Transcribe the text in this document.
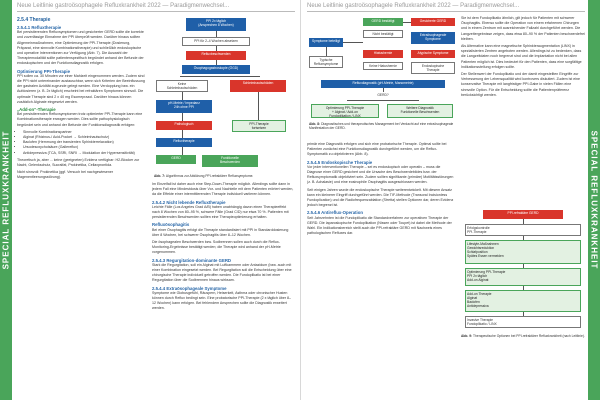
Neue Leitlinie gastroösophagele Refluxkrankheit 2022 — Paradigmenwechsel...
SPECIAL REFLUXKRANKHEIT
2.5.4 Therapie
2.5.4.1 Refluxtherapie

Bei persistierenden Refluxsymptomen und gesicherter GERD sollte die korrekte und zuverlässige Einnahme der PPI überprüft werden. Darüber hinaus sollten Allgemeinmaßnahmen, eine Optimierung der PPI-Therapie (Dosierung, Präparat, eine sinnvolle Kombinationstherapie) und schließlich endoskopische und operative Interventionen zur Verfügung (Abb. 7). Die Auswahl der Therapiemodalität sollte patientenspezifisch begründet anhand der Befunde der endoskopischen und der Funktionsdiagnostik erfolgen.

Optimierung PPI-Therapie

PPI sollen ca. 30 Minuten vor einer Mahlzeit eingenommen werden. Zudem sind die PPI nicht untereinander austauschbar, wenn sich Kriterien der Beeinflussung der gastralen Azidität zugrunde gelegt werden. Eine Verdopplung bzw. ein Aufdosieren (z. B. 2x täglich) erscheint bei refraktären Symptomen sinnvoll. Die optimale Therapie sind 2 x 40 mg Esomeprazol. Darüber hinaus können zusätzlich Alginate eingesetzt werden.

„Add-on“-Therapie

Bei persistierenden Refluxsymptomen trotz optimierter PPI-Therapie kann eine Kombinationstherapie erwogen werden. Dies sollte pathophysiologisch begründet sein und anhand der Befunde der Funktionsdiagnostik erfolgen:

• Sinnvolle Kombinationspartner
• Alginat (Rhizinus-/ Acid-Pocket → Schleimhautschutz)
• Baclofen (Hemmung der transienten Sphinkterrelaxation)
• Ursodesoxycholsäure (Gallereflux)
• Antidepressiva (TCA, SSRI, SNRI → Modulation der Hypersensitivität)

Theoretisch ja, aber ... keine (geeigneten) Evidenz verfügbar: H2-Blocker zur Nacht, Gelenkschutz, Sucralfat, Prokinetika, Cellaxprontida.

Nicht sinnvoll: Prokinetika (ggf. Versuch bei nachgewiesener Magenentleerungsstörung).

PPI 2x täglich
(Ansprechen 8 Wochen)
PPI für 2–4 Wochen absetzen
Refluxbeschwerden
Ösophagogastroskopie (ÖGD)
Keine
Schleimhautschäden
Schleimhautschäden
pH-Metrie / Impedanz
24h ohne PPI
PPI-Therapie
fortsetzen
Pathologisch
Refluxtherapie
GERD	Funktionelle
Beschwerden
Abb. 7: Algorithmus zur Abklärung PPI-refraktärer Refluxsymptome.

Im Einzelfall ist daher auch eine Step-Down-Therapie möglich. Allerdings sollte dann in jedem Fall eine Mindestdosis über Vor- und Nachteile mit dem Patienten erörtert werden, da die Effekte einer intermittierenden Therapie individuell variieren können.

2.5.4.2 Nicht lebende Refluxtherapie

Leichte Fälle (Los Angeles Grad A/B) haben unabhängig davon einen Therapieeffekt nach 8 Wochen von 80–95 %, schwere Fälle (Grad C/D) nur etwa 70 %. Patienten mit persistierenden Beschwerden sollten eine Therapieoptimierung erhalten.

Refluxösophagitis

Bei einer Ösophagitis erfolgt die Therapie standardisiert mit PPI in Standarddosierung über 8 Wochen, bei schwerer Ösophagitis über 8–12 Wochen.

Die ösophagealen Beschwerden bzw. Sodbrennen sollen auch durch die Reflux-Monitoring-Ergebnisse bestätigt werden; die Therapie wird anhand der pH-Metrie vorgenommen.

2.5.4.3 Regurgitation-dominante GERD

Stark die Regurgitation, soll ein Alginat mit Luftkammern oder Antazidum (bzw. auch mit einer Kombination eingesetzt werden. Bei Regurgitation soll die Entscheidung über eine chirurgische Therapie individuell getroffen werden. Die Fundoplikatio ist bei einer Regurgitation über die Sodbrennen hinaus wirksam.

2.5.4.4 Extraösophageale Symptome

Symptome wie Globusgefühl, Räuspern, Heiserkeit, Asthma oder chronischer Husten können durch Reflux bedingt sein. Eine probatorische PPI-Therapie (2 x täglich über 8–12 Wochen) kann erfolgen. Bei fehlendem Ansprechen sollte die Diagnostik erweitert werden.

Neue Leitlinie gastroösophagele Refluxkrankheit 2022 — Paradigmenwechsel...
SPECIAL REFLUXKRANKHEIT
Symptome beteiligt
GERD bestätigt	Gesicherte GERD
Nicht bestätigt
Typische
Refluxsymptome
Extraösophageale
Symptome
Hiatushernie	Atypische Symptome
Keine Hiatushernie	Endoskopische
Therapie
Refluxdiagnostik (pH-Metrie, Manometrie)
GERD?
Optimierung PPI-Therapie
+ Alginat / Add-on
Fundoplikation / LINX
Weitere Diagnostik
Funktionelle Beschwerden
Abb. 8: Diagnostisches und therapeutisches Management bei Verdacht auf eine extraösophageale Manifestation der GERD.

primär eine Diagnostik erfolgen und sich eine probatorische Therapie. Optimal sollte bei Patienten zunächst eine Funktionsdiagnostik durchgeführt werden, um die Reflux-Symptomatik zu objektivieren (Abb. 8).

2.5.4.5 Endoskopische Therapie

Vor jeder interventionellen Therapie – sei es endoskopisch oder operativ – muss die Diagnose einer GERD gesichert und die Ursache des Beschwerdebildes bzw. der Refluxsymptomatik objektiviert sein. Zudem sollten signifikante (primäre) Motilitätsstörungen (z. B. Achalasie) und eine eosinophile Ösophagitis ausgeschlossen werden.

Seit einigen Jahren wurde die endoskopische Therapie weiterentwickelt. Mit diesem Ansatz kann ein kleinerer Eingriff durchgeführt werden. Die TIF-Methode (Transoral Incisionless Fundoplication) und die Radiofrequenzablation (Stretta) stellen Optionen dar, deren Evidenz jedoch begrenzt ist.

2.5.4.6 Antireflux-Operation

Seit Jahrzehnten ist die Fundoplikatio die Standardverfahren zur operativen Therapie der GERD. Die laparoskopische Fundoplikation (Nissen oder Toupet) ist dabei die Methode der Wahl. Ein Indikationsbereich stellt auch die PPI-refraktäre GERD mit Nachweis eines pathologischen Refluxes dar.

Sie ist dem Fundoplikatio ähnlich, gilt jedoch für Patienten mit schwerer Ösophagitis. Ebenso sollte die Operation von einem erfahrenen Chirurgen und in einem Zentrum mit ausreichender Fallzahl durchgeführt werden. Die Langzeitergebnisse zeigen, dass etwa 80–90 % der Patienten beschwerdefrei bleiben.

Als Alternative kann eine magnetische Sphinkteraugmentation (LINX) in spezialisierten Zentren angeboten werden. Allerdings ist zu bedenken, dass die Langzeitdaten noch begrenzt sind und die Implantation nicht bei allen Patienten möglich ist. Dies bedeutet für den Patienten, dass eine sorgfältige Indikationsstellung erfolgen sollte.

Der Stellenwert der Fundoplikatio und der damit eingestellten Eingriffe zur Verbesserung der Lebensqualität wird kontrovers diskutiert. Zudem ist eine konservative Therapie mit langfristiger PPI-Gabe in vielen Fällen eine sinnvolle Option. Für die Entscheidung sollte die Patientenpräferenz berücksichtigt werden.

PPI-refraktäre GERD
Erfolgskontrolle
PPI-Therapie
Lifestyle-Maßnahmen
Gewichtsreduktion
Schlafposition
Spätes Essen vermeiden
Optimierung PPI-Therapie
PPI 2x täglich
Add-on Alginat
Add-on Therapie
Alginat
Baclofen
Antidepressiva
Invasive Therapie
Fundoplikatio / LINX
Abb. 9: Therapeutische Optionen bei PPI-refraktärer Refluxkrankheit (nach Leitlinie).
